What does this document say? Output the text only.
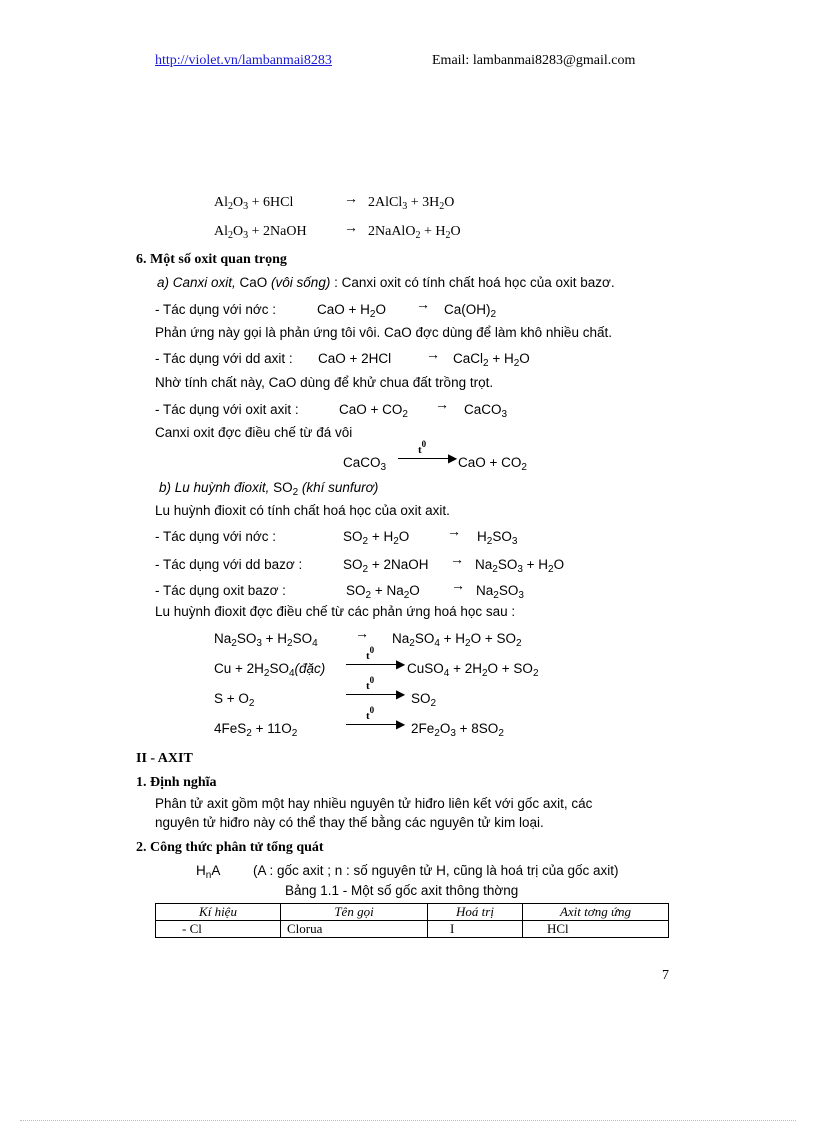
http://violet.vn/lambanmai8283	Email: lambanmai8283@gmail.com
$Al_2O_3 + 6HCl$	→ 2AlCl$_3$ + $3H_2O$
$Al_2O_3$ + 2NaOH	→ 2NaAlO$_2$ + $H_2O$
6. Một số oxit quan trọng
a) Canxi oxit, CaO (vôi sống) : Canxi oxit có tính chất hoá học của oxit bazơ.
- Tác dụng với nớc :	CaO + $H_2O \to Ca(OH)_2$
Phản ứng này gọi là phản ứng tôi vôi. CaO đợc dùng để làm khô nhiều chất.
- Tác dụng với dd axit : CaO + 2HCl → CaCl$_2$ + $H_2O$
Nhờ tính chất này, CaO dùng để khử chua đất trồng trọt.
- Tác dụng với oxit axit :	CaO + $CO_2$
→ CaCO$_3$
Canxi oxit đợc điều chế từ đá vôi
CaCO$_3$
$t^0$
▶ CaO + $CO_2$
b) Lu huỳnh đioxit, $SO_2$ (khí sunfurơ)
Lu huỳnh đioxit có tính chất hoá học của oxit axit.
- Tác dụng với nớc :	$SO_2 + H_2O$	→ $H_2SO_3$
- Tác dụng với dd bazơ :	$SO_2$ + 2NaOH → $Na_2SO_3 + H_2O$
- Tác dụng oxit bazơ :	$SO_2 + Na_2O \to Na_2SO_3$
Lu huỳnh đioxit đợc điều chế từ các phản ứng hoá học sau :
$Na_2SO_3 + H_2SO_4$
→ $Na_2SO_4 + H_2O + SO_2$
$Cu + 2H_2SO_4(đặc)$
$t^0$
▶ CuSO$_4$ + $2H_2O + SO_2$
$S + O_2$
$t^0$
▶ $SO_2$
$4FeS_2 + 11O_2$
$t^0$
▶ $2Fe_2O_3 + 8SO_2$
II - AXIT
1. Định nghĩa
Phân tử axit gồm một hay nhiều nguyên tử hiđro liên kết với gốc axit, các
nguyên tử hiđro này có thể thay thế bằng các nguyên tử kim loại.
2. Công thức phân tử tổng quát
$H_nA$ (A : gốc axit ; n : số nguyên tử H, cũng là hoá trị của gốc axit)
Bảng 1.1 - Một số gốc axit thông thờng
Kí hiệu	Tên gọi	Hoá trị	Axit tơng ứng
- Cl	Clorua	I	HCl
7
